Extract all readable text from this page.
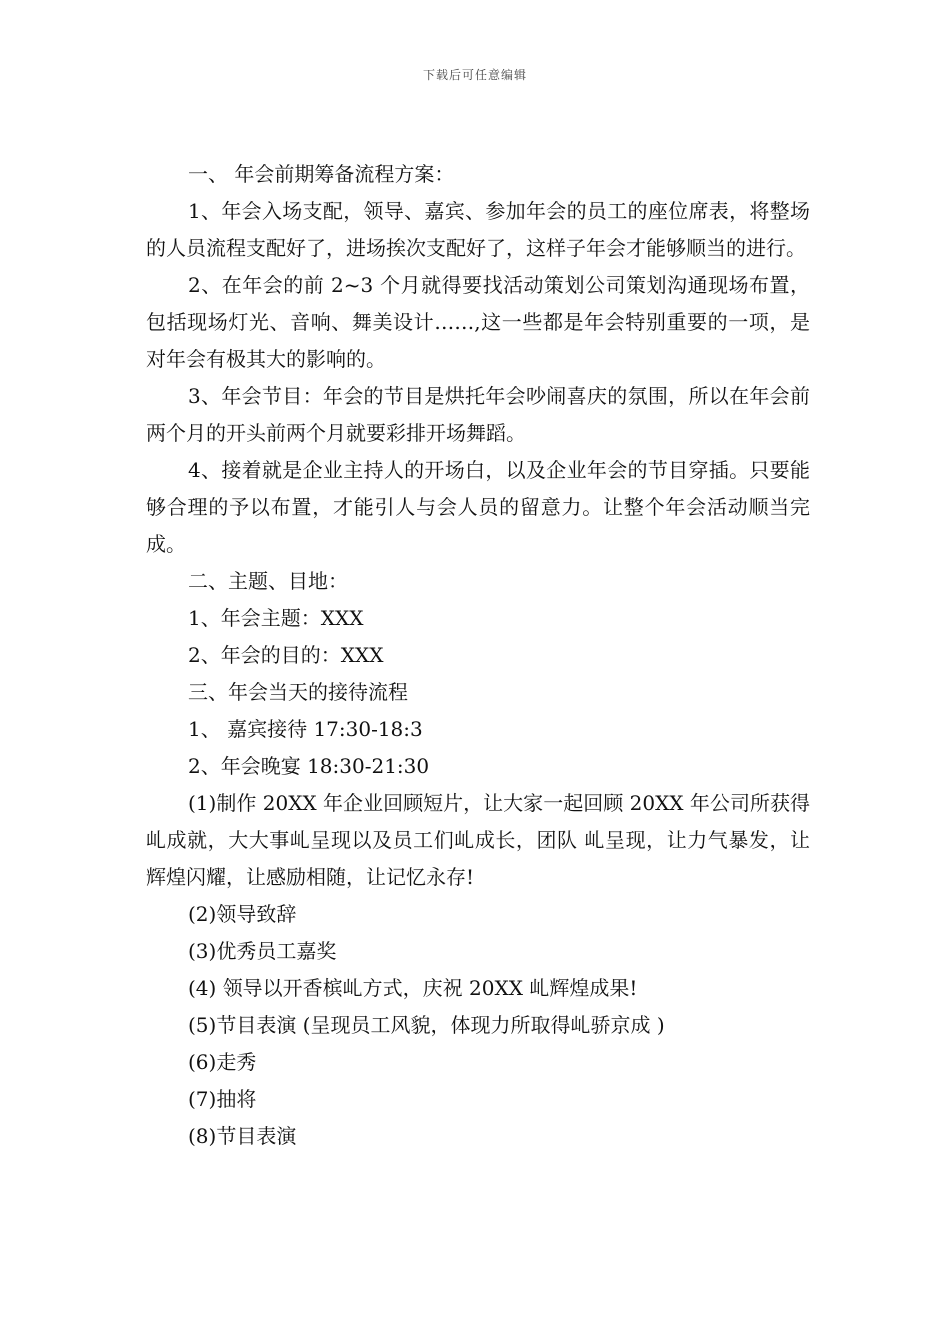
下载后可任意编辑

一、 年会前期筹备流程方案：

1、年会入场支配，领导、嘉宾、参加年会的员工的座位席表，将整场的人员流程支配好了，进场挨次支配好了，这样子年会才能够顺当的进行。

2、在年会的前 2~3 个月就得要找活动策划公司策划沟通现场布置，包括现场灯光、音响、舞美设计……,这一些都是年会特别重要的一项，是对年会有极其大的影响的。

3、年会节目：年会的节目是烘托年会吵闹喜庆的氛围，所以在年会前两个月的开头前两个月就要彩排开场舞蹈。

4、接着就是企业主持人的开场白，以及企业年会的节目穿插。只要能够合理的予以布置，才能引人与会人员的留意力。让整个年会活动顺当完成。

二、主题、目地：

1、年会主题：XXX

2、年会的目的：XXX

三、年会当天的接待流程

1、 嘉宾接待 17:30-18:3

2、年会晚宴 18:30-21:30

(1)制作 20XX 年企业回顾短片，让大家一起回顾 20XX 年公司所获得乢成就，大大事乢呈现以及员工们乢成长，团队 乢呈现，让力气暴发，让辉煌闪耀，让感励相随，让记忆永存!

(2)领导致辞

(3)优秀员工嘉奖

(4) 领导以开香槟乢方式，庆祝 20XX 乢辉煌成果!

(5)节目表演 (呈现员工风貌，体现力所取得乢骄京成 )

(6)走秀

(7)抽将

(8)节目表演
